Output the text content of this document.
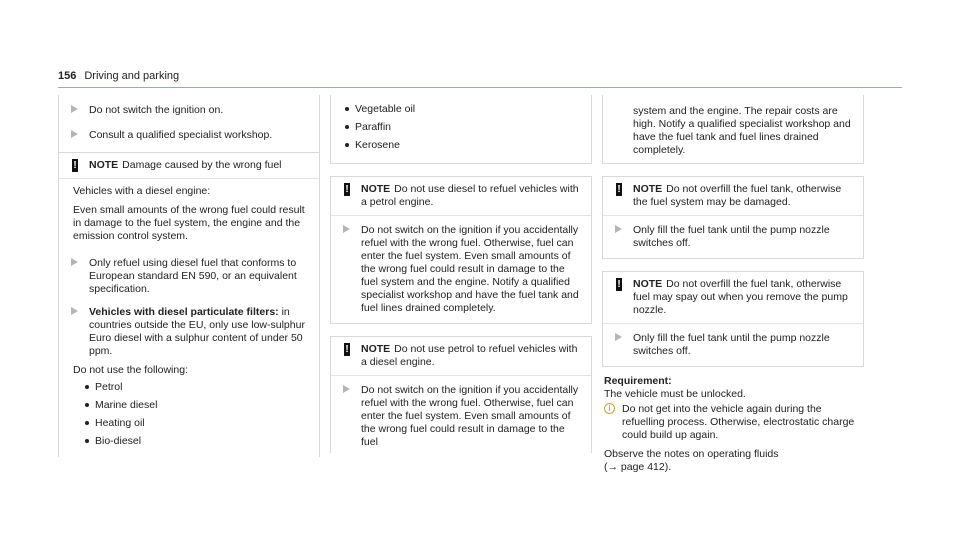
156 Driving and parking
Do not switch the ignition on.
Consult a qualified specialist workshop.
! NOTE Damage caused by the wrong fuel
Vehicles with a diesel engine:
Even small amounts of the wrong fuel could result in damage to the fuel system, the engine and the emission control system.
Only refuel using diesel fuel that conforms to European standard EN 590, or an equivalent specification.
Vehicles with diesel particulate filters: in countries outside the EU, only use low-sulphur Euro diesel with a sulphur content of under 50 ppm.
Do not use the following:
Petrol
Marine diesel
Heating oil
Bio-diesel
Vegetable oil
Paraffin
Kerosene
! NOTE Do not use diesel to refuel vehicles with a petrol engine.
Do not switch on the ignition if you accidentally refuel with the wrong fuel. Otherwise, fuel can enter the fuel system. Even small amounts of the wrong fuel could result in damage to the fuel system and the engine. Notify a qualified specialist workshop and have the fuel tank and fuel lines drained completely.
! NOTE Do not use petrol to refuel vehicles with a diesel engine.
Do not switch on the ignition if you accidentally refuel with the wrong fuel. Otherwise, fuel can enter the fuel system. Even small amounts of the wrong fuel could result in damage to the fuel
system and the engine. The repair costs are high. Notify a qualified specialist workshop and have the fuel tank and fuel lines drained completely.
! NOTE Do not overfill the fuel tank, otherwise the fuel system may be damaged.
Only fill the fuel tank until the pump nozzle switches off.
! NOTE Do not overfill the fuel tank, otherwise fuel may spay out when you remove the pump nozzle.
Only fill the fuel tank until the pump nozzle switches off.
Requirement:
The vehicle must be unlocked.
i	Do not get into the vehicle again during the refuelling process. Otherwise, electrostatic charge could build up again.
Observe the notes on operating fluids
(→ page 412).
